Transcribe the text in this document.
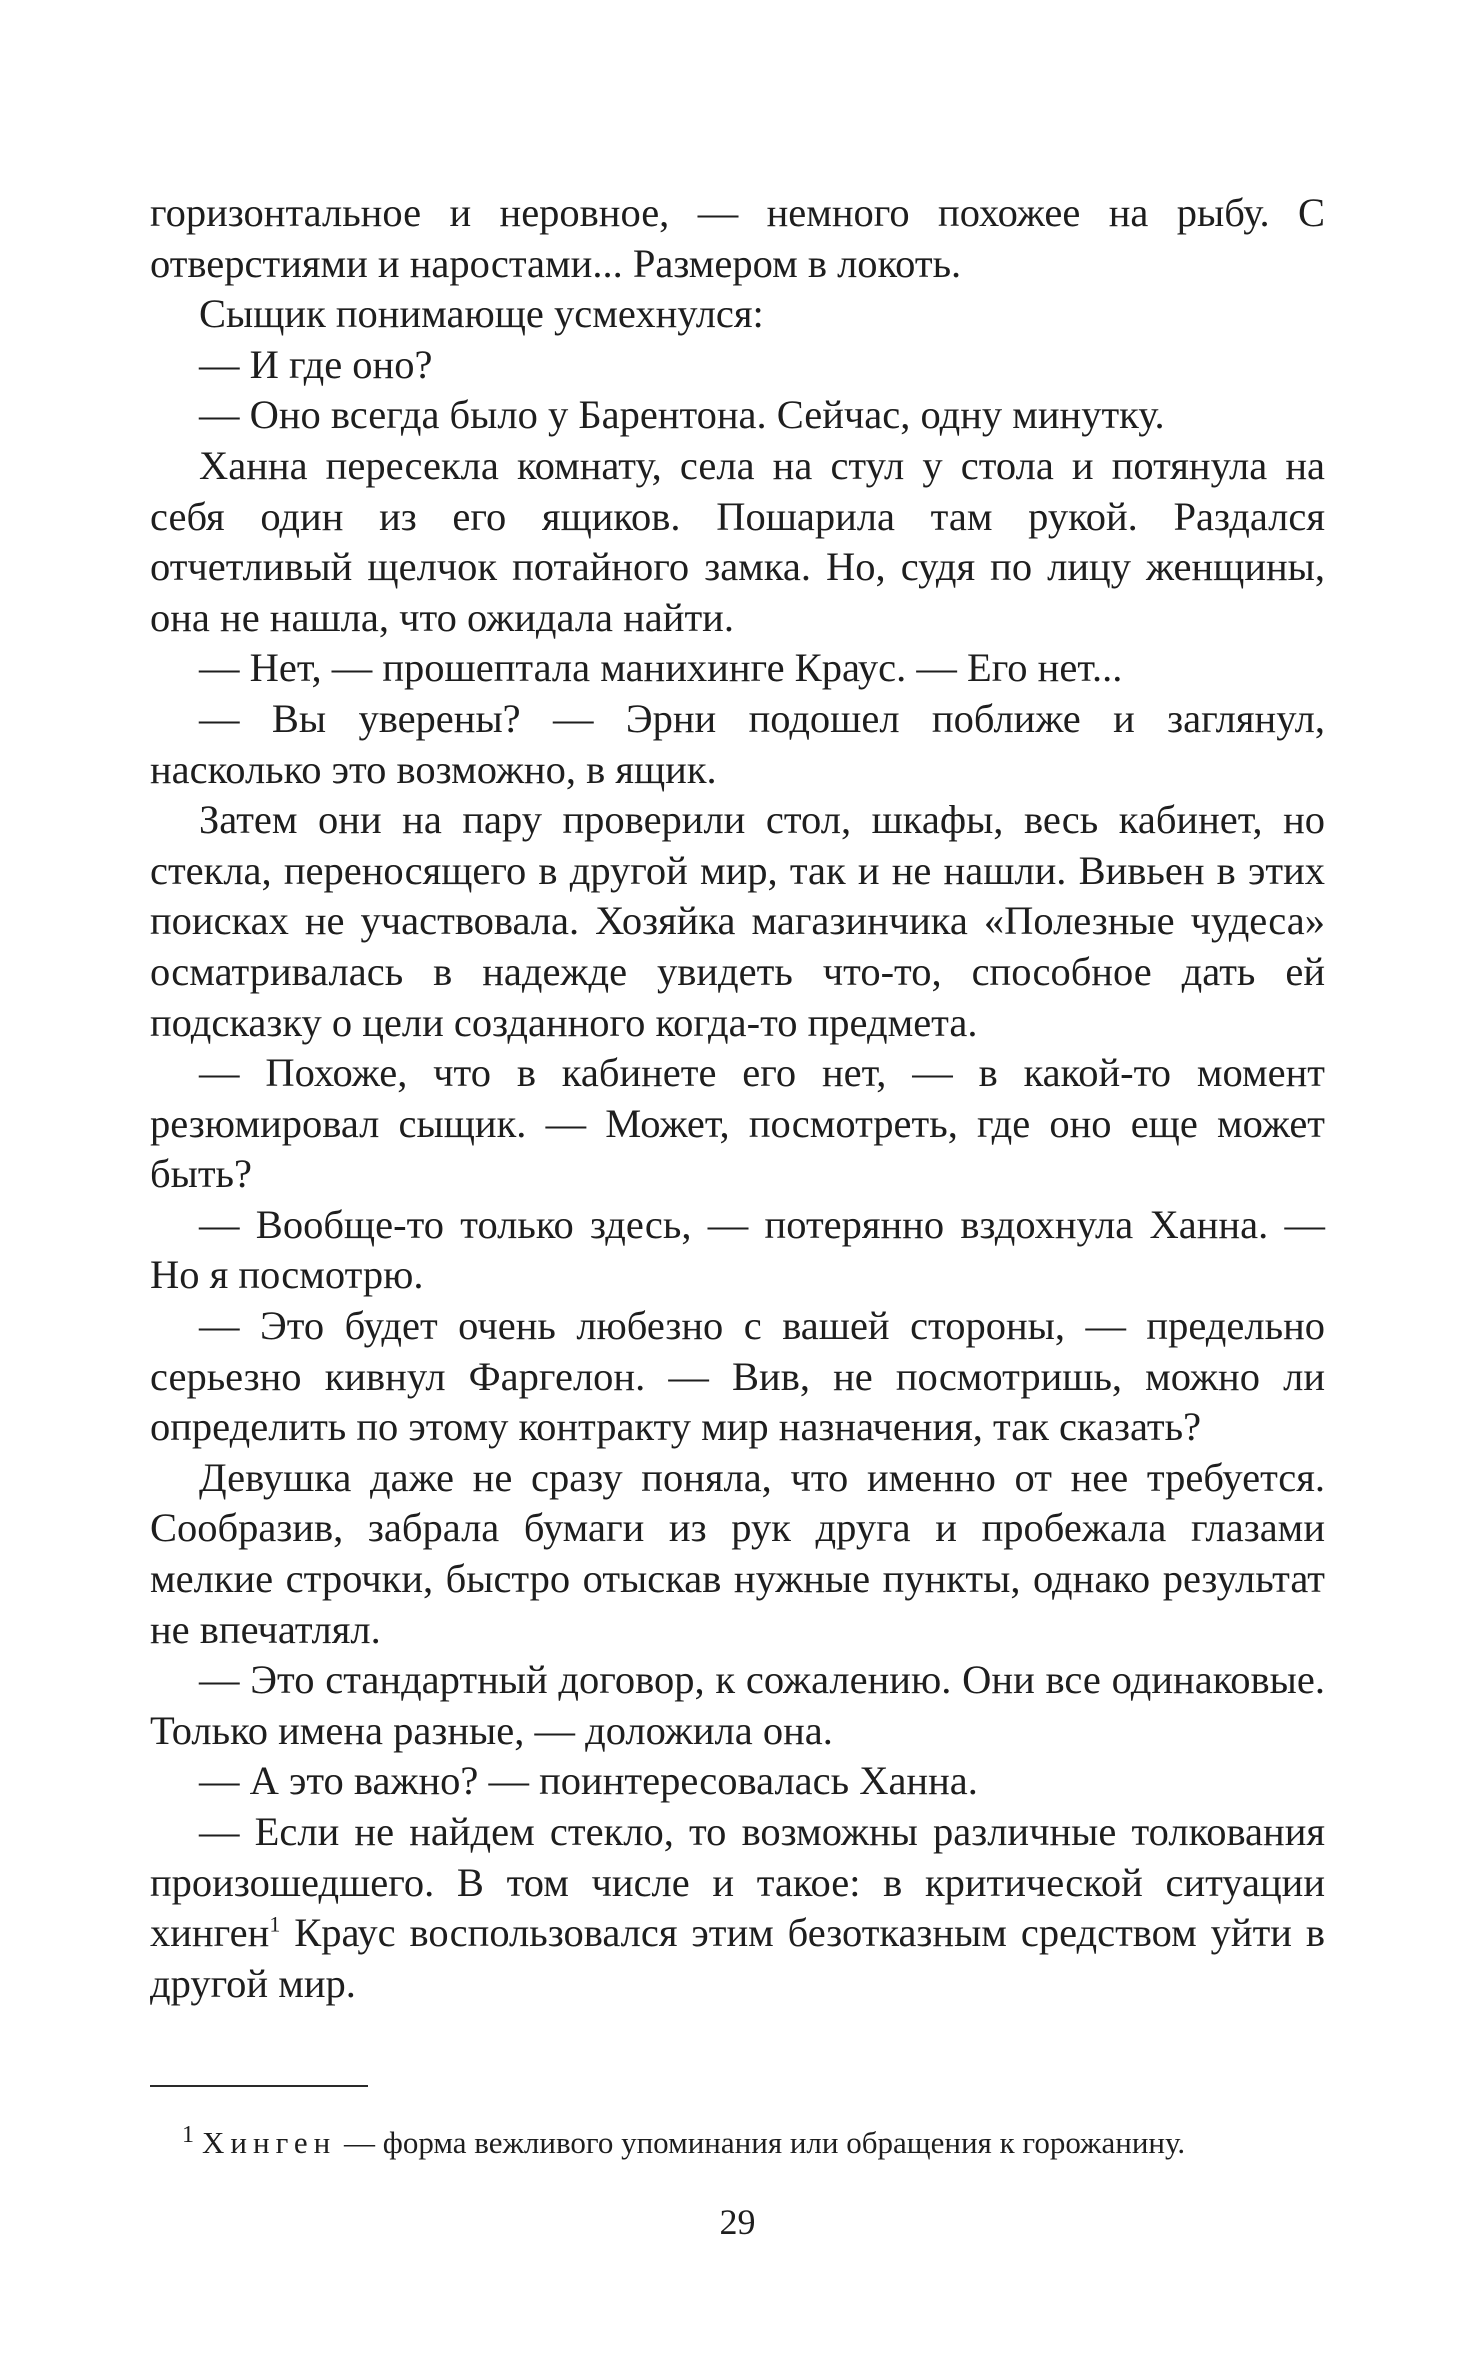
горизонтальное и неровное, — немного похожее на рыбу. С отверстиями и наростами... Размером в локоть.

Сыщик понимающе усмехнулся:

— И где оно?

— Оно всегда было у Барентона. Сейчас, одну минутку.

Ханна пересекла комнату, села на стул у стола и потянула на себя один из его ящиков. Пошарила там рукой. Раздался отчетливый щелчок потайного замка. Но, судя по лицу женщины, она не нашла, что ожидала найти.

— Нет, — прошептала манихинге Краус. — Его нет...

— Вы уверены? — Эрни подошел поближе и заглянул, насколько это возможно, в ящик.

Затем они на пару проверили стол, шкафы, весь кабинет, но стекла, переносящего в другой мир, так и не нашли. Вивьен в этих поисках не участвовала. Хозяйка магазинчика «Полезные чудеса» осматривалась в надежде увидеть что-то, способное дать ей подсказку о цели созданного когда-то предмета.

— Похоже, что в кабинете его нет, — в какой-то момент резюмировал сыщик. — Может, посмотреть, где оно еще может быть?

— Вообще-то только здесь, — потерянно вздохнула Ханна. — Но я посмотрю.

— Это будет очень любезно с вашей стороны, — предельно серьезно кивнул Фаргелон. — Вив, не посмотришь, можно ли определить по этому контракту мир назначения, так сказать?

Девушка даже не сразу поняла, что именно от нее требуется. Сообразив, забрала бумаги из рук друга и пробежала глазами мелкие строчки, быстро отыскав нужные пункты, однако результат не впечатлял.

— Это стандартный договор, к сожалению. Они все одинаковые. Только имена разные, — доложила она.

— А это важно? — поинтересовалась Ханна.

— Если не найдем стекло, то возможны различные толкования произошедшего. В том числе и такое: в критической ситуации хинген$^1$ Краус воспользовался этим безотказным средством уйти в другой мир.

$^1$ Хинген — форма вежливого упоминания или обращения к горожанину.
29
